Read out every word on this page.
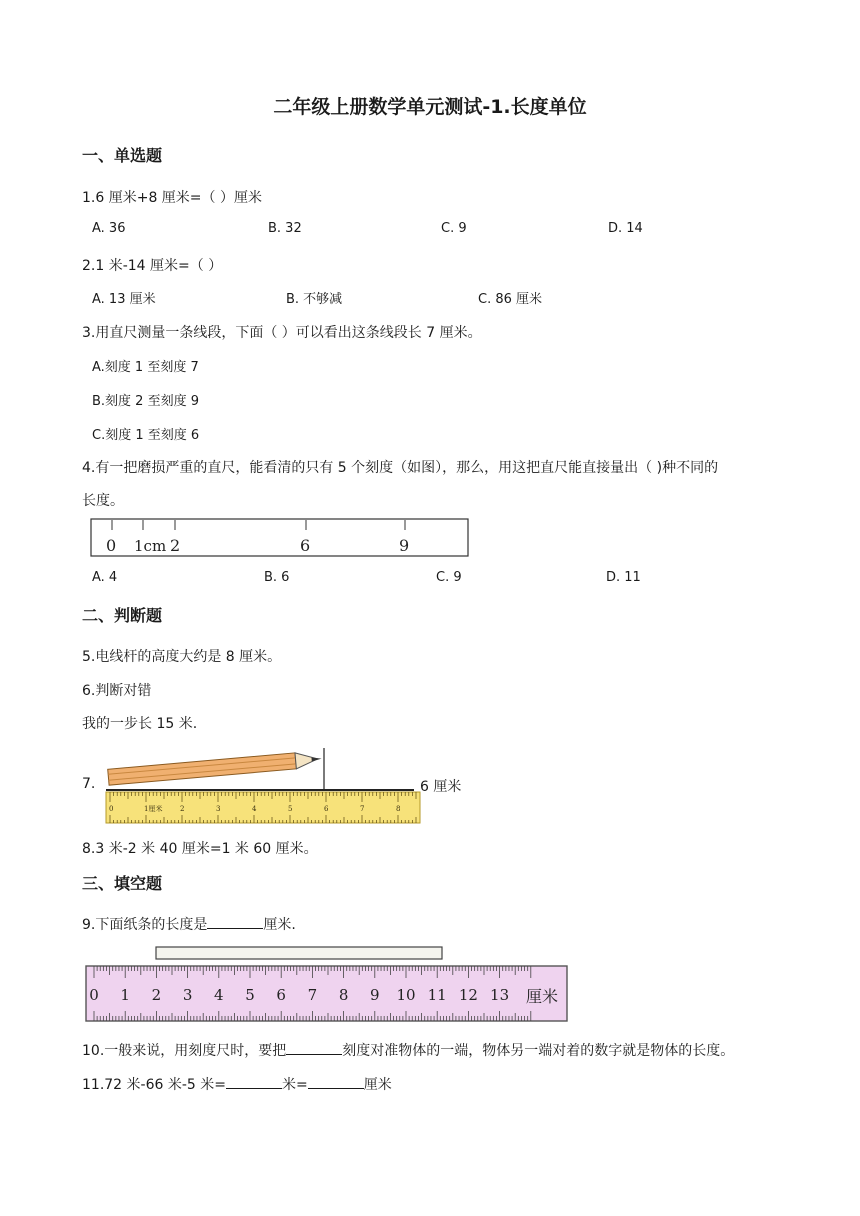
二年级上册数学单元测试-1.长度单位
一、单选题
1.6 厘米+8 厘米=（ ）厘米
A. 36	B. 32	C. 9	D. 14
2.1 米-14 厘米=（ ）
A. 13 厘米	B. 不够减	C. 86 厘米
3.用直尺测量一条线段，下面（ ）可以看出这条线段长 7 厘米。
A.刻度 1 至刻度 7
B.刻度 2 至刻度 9
C.刻度 1 至刻度 6
4.有一把磨损严重的直尺，能看清的只有 5 个刻度（如图），那么，用这把直尺能直接量出（ )种不同的
长度。
0 1cm 2	6	9
A. 4	B. 6	C. 9	D. 11
二、判断题
5.电线杆的高度大约是 8 厘米。
6.判断对错
我的一步长 15 米.
7.
0	1厘米	2	3	4	5	6	7	8
6 厘米
8.3 米-2 米 40 厘米=1 米 60 厘米。
三、填空题
9.下面纸条的长度是	厘米.
0 1 2 3 4 5 6 7 8 9 10 11 12 13 厘米
10.一般来说，用刻度尺时，要把	刻度对准物体的一端，物体另一端对着的数字就是物体的长度。
11.72 米-66 米-5 米=	米=	厘米
